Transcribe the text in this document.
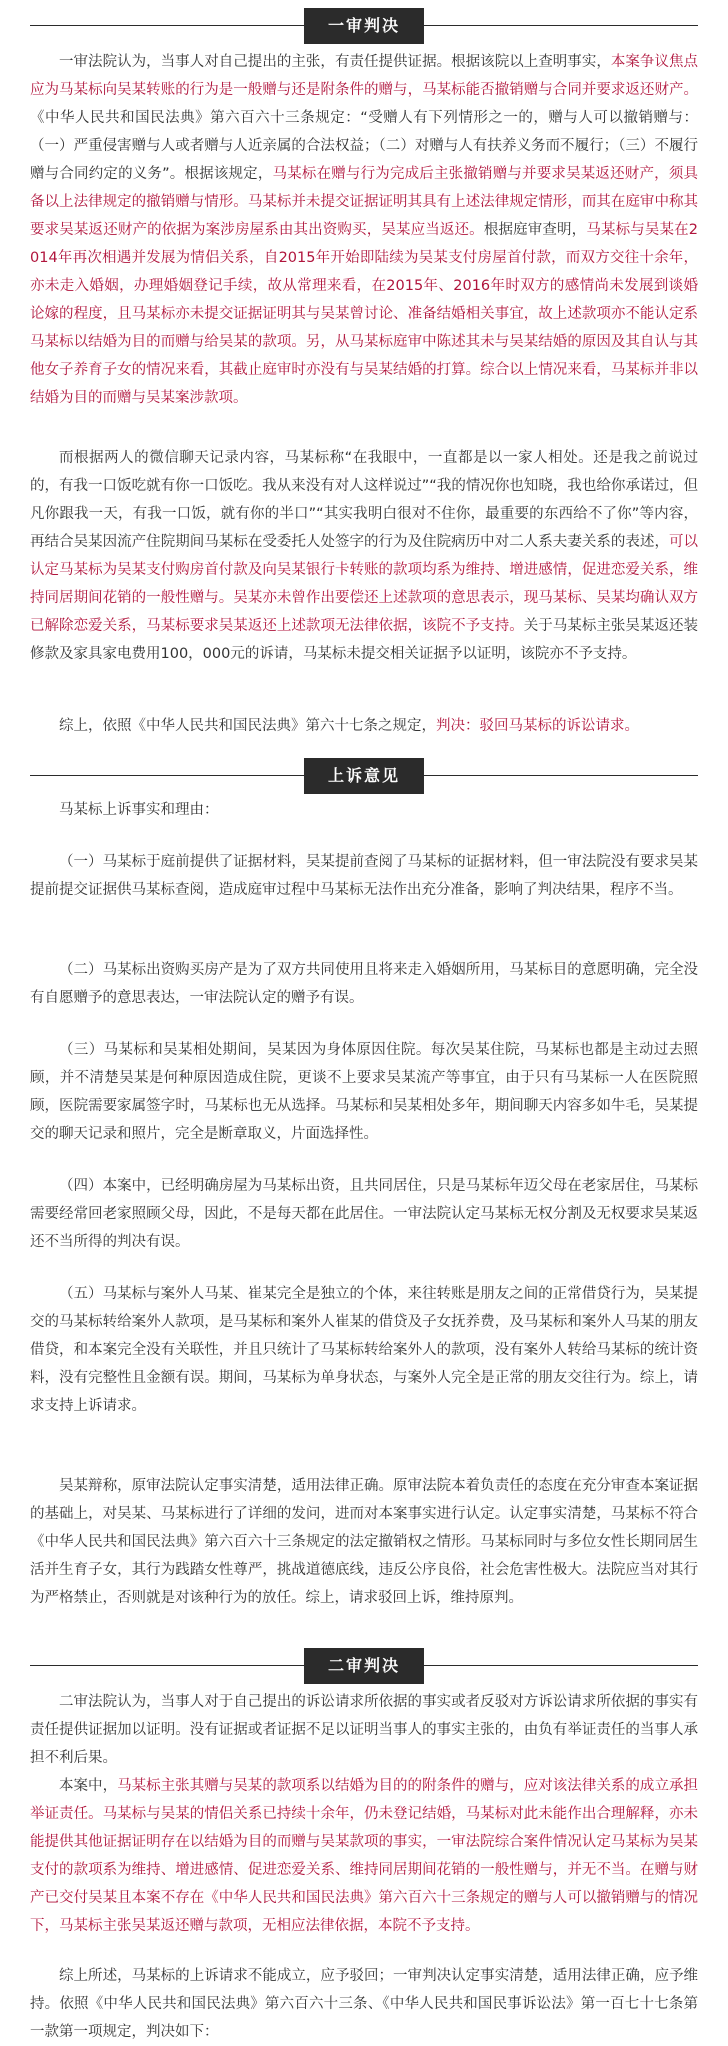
一审判决

一审法院认为，当事人对自己提出的主张，有责任提供证据。根据该院以上查明事实，本案争议焦点应为马某标向吴某转账的行为是一般赠与还是附条件的赠与，马某标能否撤销赠与合同并要求返还财产。《中华人民共和国民法典》第六百六十三条规定：“受赠人有下列情形之一的，赠与人可以撤销赠与：（一）严重侵害赠与人或者赠与人近亲属的合法权益；（二）对赠与人有扶养义务而不履行；（三）不履行赠与合同约定的义务”。根据该规定，马某标在赠与行为完成后主张撤销赠与并要求吴某返还财产，须具备以上法律规定的撤销赠与情形。马某标并未提交证据证明其具有上述法律规定情形，而其在庭审中称其要求吴某返还财产的依据为案涉房屋系由其出资购买，吴某应当返还。根据庭审查明，马某标与吴某在2014年再次相遇并发展为情侣关系，自2015年开始即陆续为吴某支付房屋首付款，而双方交往十余年，亦未走入婚姻，办理婚姻登记手续，故从常理来看，在2015年、2016年时双方的感情尚未发展到谈婚论嫁的程度，且马某标亦未提交证据证明其与吴某曾讨论、准备结婚相关事宜，故上述款项亦不能认定系马某标以结婚为目的而赠与给吴某的款项。另，从马某标庭审中陈述其未与吴某结婚的原因及其自认与其他女子养育子女的情况来看，其截止庭审时亦没有与吴某结婚的打算。综合以上情况来看，马某标并非以结婚为目的而赠与吴某案涉款项。

而根据两人的微信聊天记录内容，马某标称“在我眼中，一直都是以一家人相处。还是我之前说过的，有我一口饭吃就有你一口饭吃。我从来没有对人这样说过”“我的情况你也知晓，我也给你承诺过，但凡你跟我一天，有我一口饭，就有你的半口”“其实我明白很对不住你，最重要的东西给不了你”等内容，再结合吴某因流产住院期间马某标在受委托人处签字的行为及住院病历中对二人系夫妻关系的表述，可以认定马某标为吴某支付购房首付款及向吴某银行卡转账的款项均系为维持、增进感情，促进恋爱关系，维持同居期间花销的一般性赠与。吴某亦未曾作出要偿还上述款项的意思表示，现马某标、吴某均确认双方已解除恋爱关系，马某标要求吴某返还上述款项无法律依据，该院不予支持。关于马某标主张吴某返还装修款及家具家电费用100，000元的诉请，马某标未提交相关证据予以证明，该院亦不予支持。

综上，依照《中华人民共和国民法典》第六十七条之规定，判决：驳回马某标的诉讼请求。

上诉意见

马某标上诉事实和理由：

（一）马某标于庭前提供了证据材料，吴某提前查阅了马某标的证据材料，但一审法院没有要求吴某提前提交证据供马某标查阅，造成庭审过程中马某标无法作出充分准备，影响了判决结果，程序不当。

（二）马某标出资购买房产是为了双方共同使用且将来走入婚姻所用，马某标目的意愿明确，完全没有自愿赠予的意思表达，一审法院认定的赠予有误。

（三）马某标和吴某相处期间，吴某因为身体原因住院。每次吴某住院，马某标也都是主动过去照顾，并不清楚吴某是何种原因造成住院，更谈不上要求吴某流产等事宜，由于只有马某标一人在医院照顾，医院需要家属签字时，马某标也无从选择。马某标和吴某相处多年，期间聊天内容多如牛毛，吴某提交的聊天记录和照片，完全是断章取义，片面选择性。

（四）本案中，已经明确房屋为马某标出资，且共同居住，只是马某标年迈父母在老家居住，马某标需要经常回老家照顾父母，因此，不是每天都在此居住。一审法院认定马某标无权分割及无权要求吴某返还不当所得的判决有误。

（五）马某标与案外人马某、崔某完全是独立的个体，来往转账是朋友之间的正常借贷行为，吴某提交的马某标转给案外人款项，是马某标和案外人崔某的借贷及子女抚养费，及马某标和案外人马某的朋友借贷，和本案完全没有关联性，并且只统计了马某标转给案外人的款项，没有案外人转给马某标的统计资料，没有完整性且金额有误。期间，马某标为单身状态，与案外人完全是正常的朋友交往行为。综上，请求支持上诉请求。

吴某辩称，原审法院认定事实清楚，适用法律正确。原审法院本着负责任的态度在充分审查本案证据的基础上，对吴某、马某标进行了详细的发问，进而对本案事实进行认定。认定事实清楚，马某标不符合《中华人民共和国民法典》第六百六十三条规定的法定撤销权之情形。马某标同时与多位女性长期同居生活并生育子女，其行为践踏女性尊严，挑战道德底线，违反公序良俗，社会危害性极大。法院应当对其行为严格禁止，否则就是对该种行为的放任。综上，请求驳回上诉，维持原判。

二审判决

二审法院认为，当事人对于自己提出的诉讼请求所依据的事实或者反驳对方诉讼请求所依据的事实有责任提供证据加以证明。没有证据或者证据不足以证明当事人的事实主张的，由负有举证责任的当事人承担不利后果。

本案中，马某标主张其赠与吴某的款项系以结婚为目的的附条件的赠与，应对该法律关系的成立承担举证责任。马某标与吴某的情侣关系已持续十余年，仍未登记结婚，马某标对此未能作出合理解释，亦未能提供其他证据证明存在以结婚为目的而赠与吴某款项的事实，一审法院综合案件情况认定马某标为吴某支付的款项系为维持、增进感情、促进恋爱关系、维持同居期间花销的一般性赠与，并无不当。在赠与财产已交付吴某且本案不存在《中华人民共和国民法典》第六百六十三条规定的赠与人可以撤销赠与的情况下，马某标主张吴某返还赠与款项，无相应法律依据，本院不予支持。

综上所述，马某标的上诉请求不能成立，应予驳回；一审判决认定事实清楚，适用法律正确，应予维持。依照《中华人民共和国民法典》第六百六十三条、《中华人民共和国民事诉讼法》第一百七十七条第一款第一项规定，判决如下：
